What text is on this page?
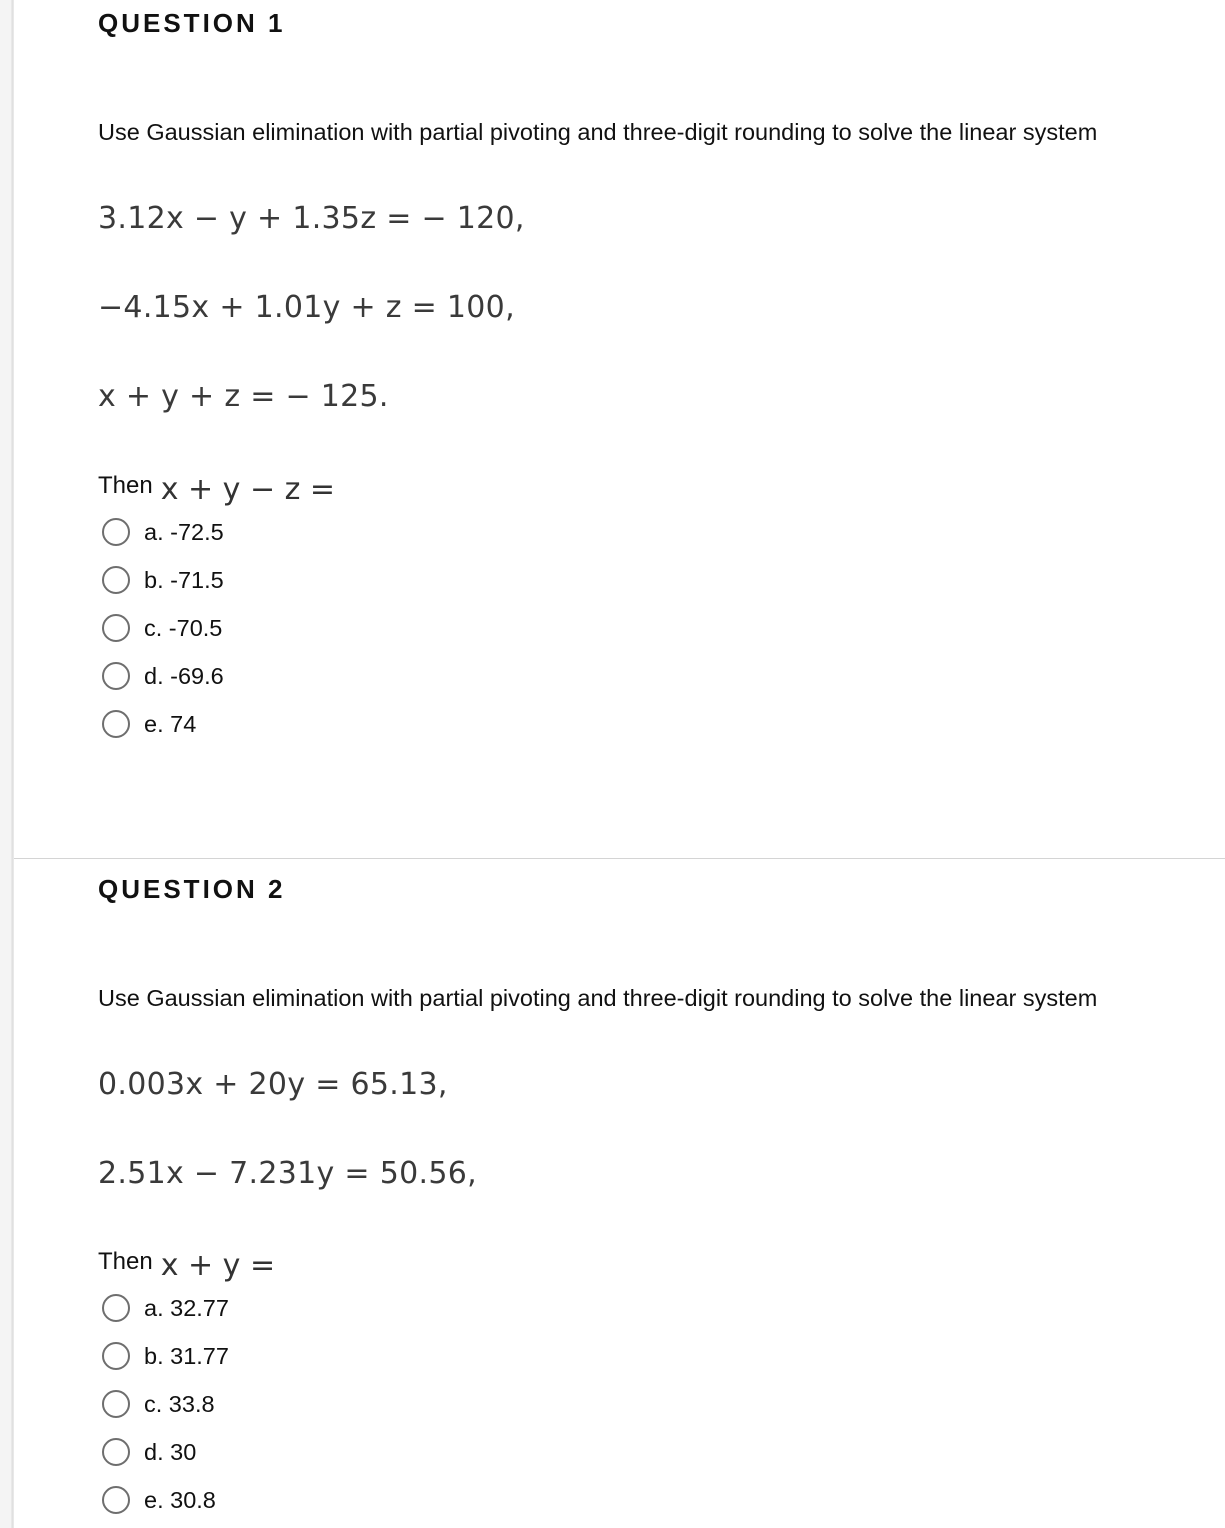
QUESTION 1
Use Gaussian elimination with partial pivoting and three-digit rounding to solve the linear system
3.12x − y + 1.35z = − 120,
−4.15x + 1.01y + z = 100,
x + y + z = − 125.
Then x + y − z =
a. -72.5
b. -71.5
c. -70.5
d. -69.6
e. 74
QUESTION 2
Use Gaussian elimination with partial pivoting and three-digit rounding to solve the linear system
0.003x + 20y = 65.13,
2.51x − 7.231y = 50.56,
Then x + y =
a. 32.77
b. 31.77
c. 33.8
d. 30
e. 30.8
